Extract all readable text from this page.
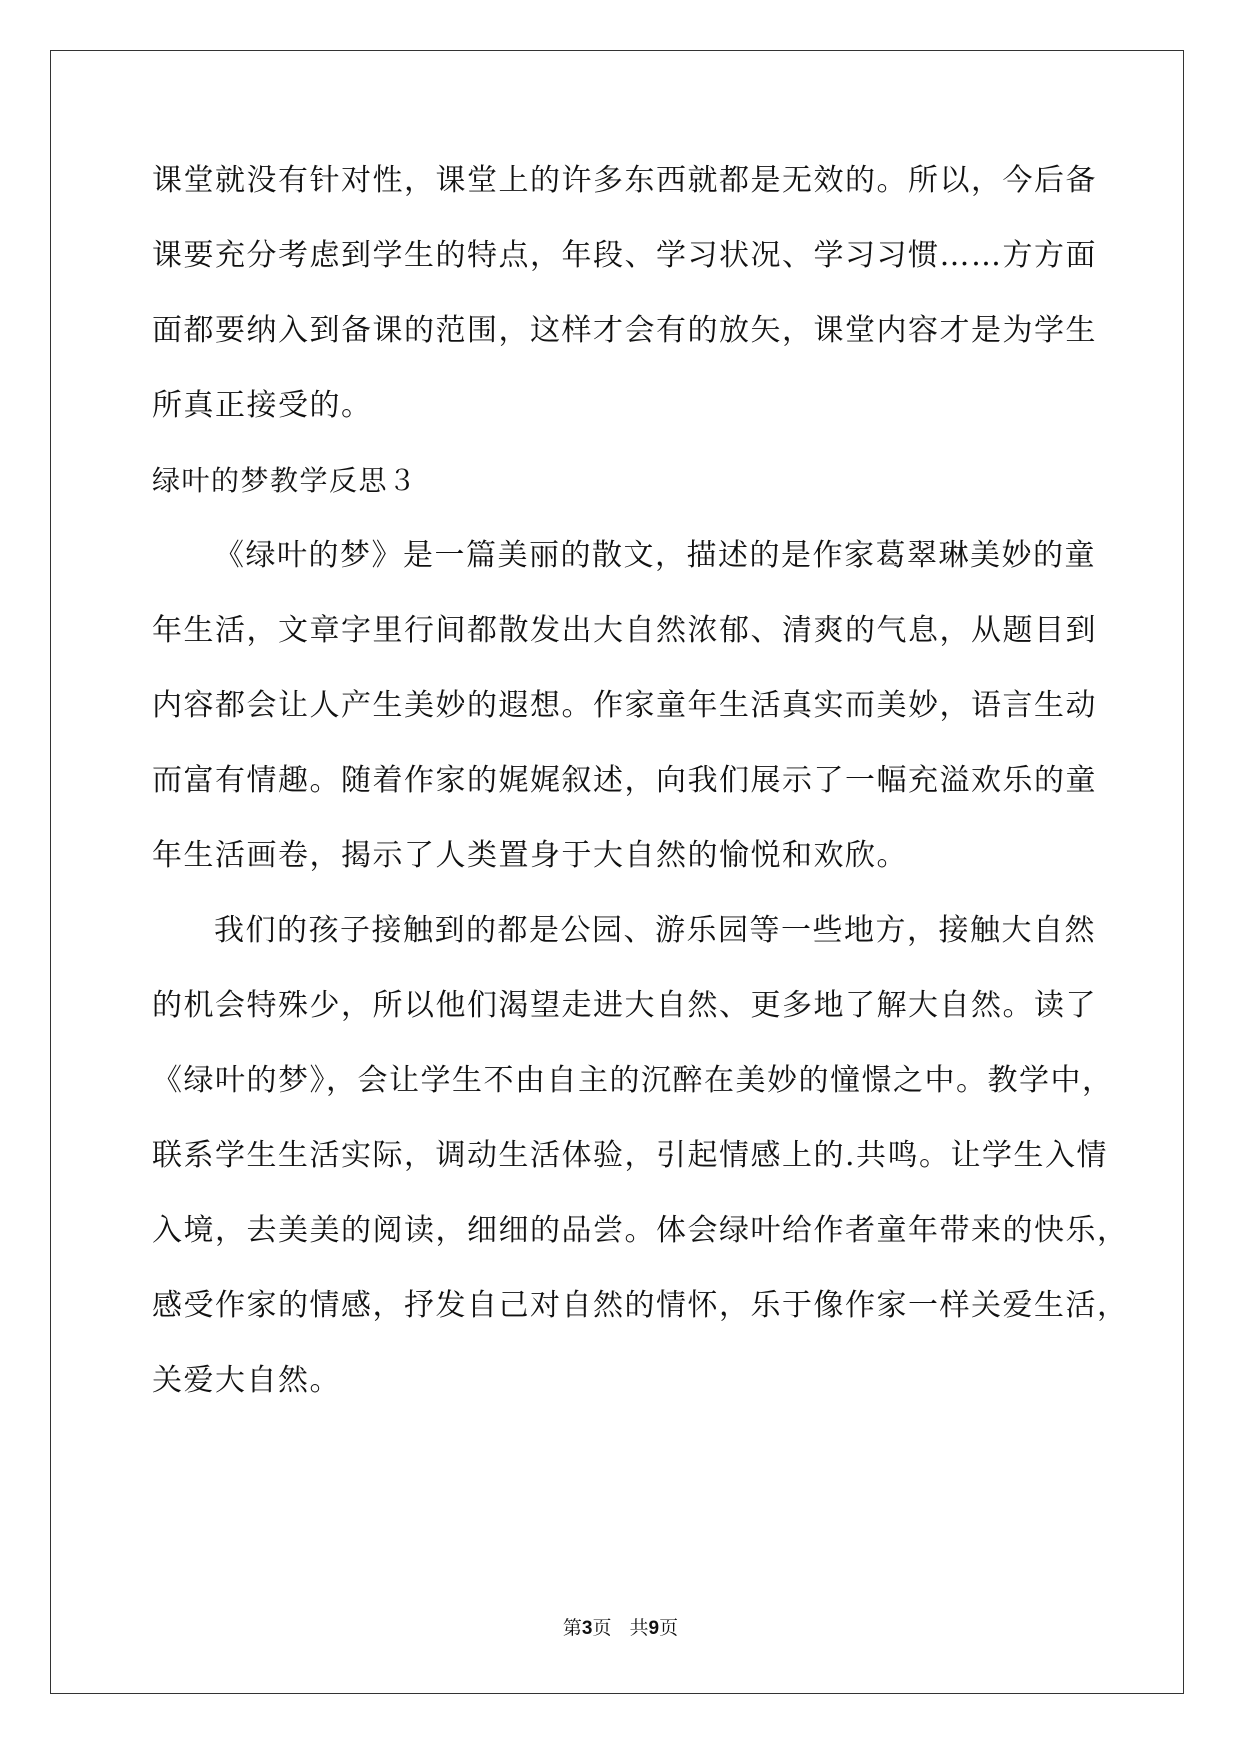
课堂就没有针对性，课堂上的许多东西就都是无效的。所以，今后备
课要充分考虑到学生的特点，年段、学习状况、学习习惯……方方面
面都要纳入到备课的范围，这样才会有的放矢，课堂内容才是为学生
所真正接受的。
绿叶的梦教学反思３
《绿叶的梦》是一篇美丽的散文，描述的是作家葛翠琳美妙的童
年生活，文章字里行间都散发出大自然浓郁、清爽的气息，从题目到
内容都会让人产生美妙的遐想。作家童年生活真实而美妙，语言生动
而富有情趣。随着作家的娓娓叙述，向我们展示了一幅充溢欢乐的童
年生活画卷，揭示了人类置身于大自然的愉悦和欢欣。
我们的孩子接触到的都是公园、游乐园等一些地方，接触大自然
的机会特殊少，所以他们渴望走进大自然、更多地了解大自然。读了
《绿叶的梦》，会让学生不由自主的沉醉在美妙的憧憬之中。教学中，
联系学生生活实际，调动生活体验，引起情感上的.共鸣。让学生入情
入境，去美美的阅读，细细的品尝。体会绿叶给作者童年带来的快乐，
感受作家的情感，抒发自己对自然的情怀，乐于像作家一样关爱生活，
关爱大自然。
第3页 共9页
